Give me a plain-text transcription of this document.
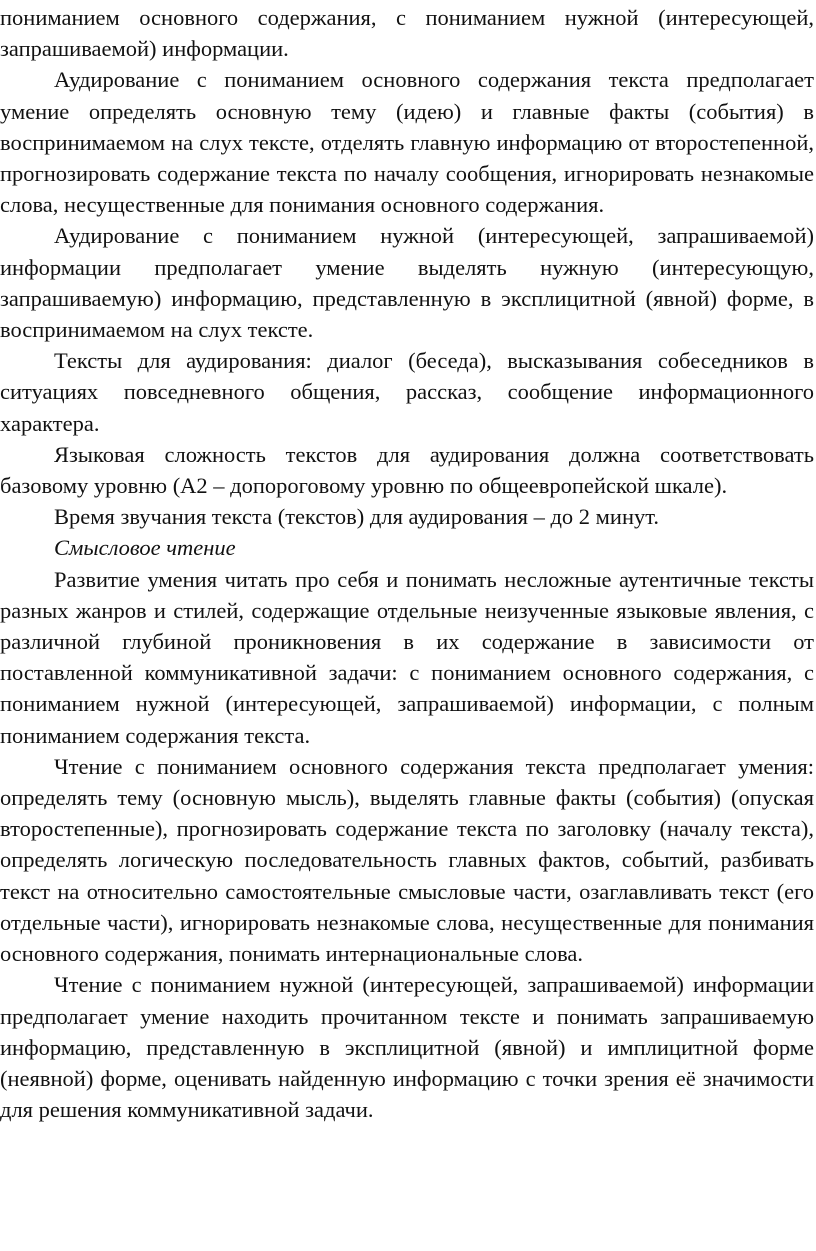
пониманием основного содержания, с пониманием нужной (интересующей, запрашиваемой) информации.

Аудирование с пониманием основного содержания текста предполагает умение определять основную тему (идею) и главные факты (события) в воспринимаемом на слух тексте, отделять главную информацию от второстепенной, прогнозировать содержание текста по началу сообщения, игнорировать незнакомые слова, несущественные для понимания основного содержания.

Аудирование с пониманием нужной (интересующей, запрашиваемой) информации предполагает умение выделять нужную (интересующую, запрашиваемую) информацию, представленную в эксплицитной (явной) форме, в воспринимаемом на слух тексте.

Тексты для аудирования: диалог (беседа), высказывания собеседников в ситуациях повседневного общения, рассказ, сообщение информационного характера.

Языковая сложность текстов для аудирования должна соответствовать базовому уровню (А2 – допороговому уровню по общеевропейской шкале).

Время звучания текста (текстов) для аудирования – до 2 минут.

Смысловое чтение

Развитие умения читать про себя и понимать несложные аутентичные тексты разных жанров и стилей, содержащие отдельные неизученные языковые явления, с различной глубиной проникновения в их содержание в зависимости от поставленной коммуникативной задачи: с пониманием основного содержания, с пониманием нужной (интересующей, запрашиваемой) информации, с полным пониманием содержания текста.

Чтение с пониманием основного содержания текста предполагает умения: определять тему (основную мысль), выделять главные факты (события) (опуская второстепенные), прогнозировать содержание текста по заголовку (началу текста), определять логическую последовательность главных фактов, событий, разбивать текст на относительно самостоятельные смысловые части, озаглавливать текст (его отдельные части), игнорировать незнакомые слова, несущественные для понимания основного содержания, понимать интернациональные слова.

Чтение с пониманием нужной (интересующей, запрашиваемой) информации предполагает умение находить прочитанном тексте и понимать запрашиваемую информацию, представленную в эксплицитной (явной) и имплицитной форме (неявной) форме, оценивать найденную информацию с точки зрения её значимости для решения коммуникативной задачи.
